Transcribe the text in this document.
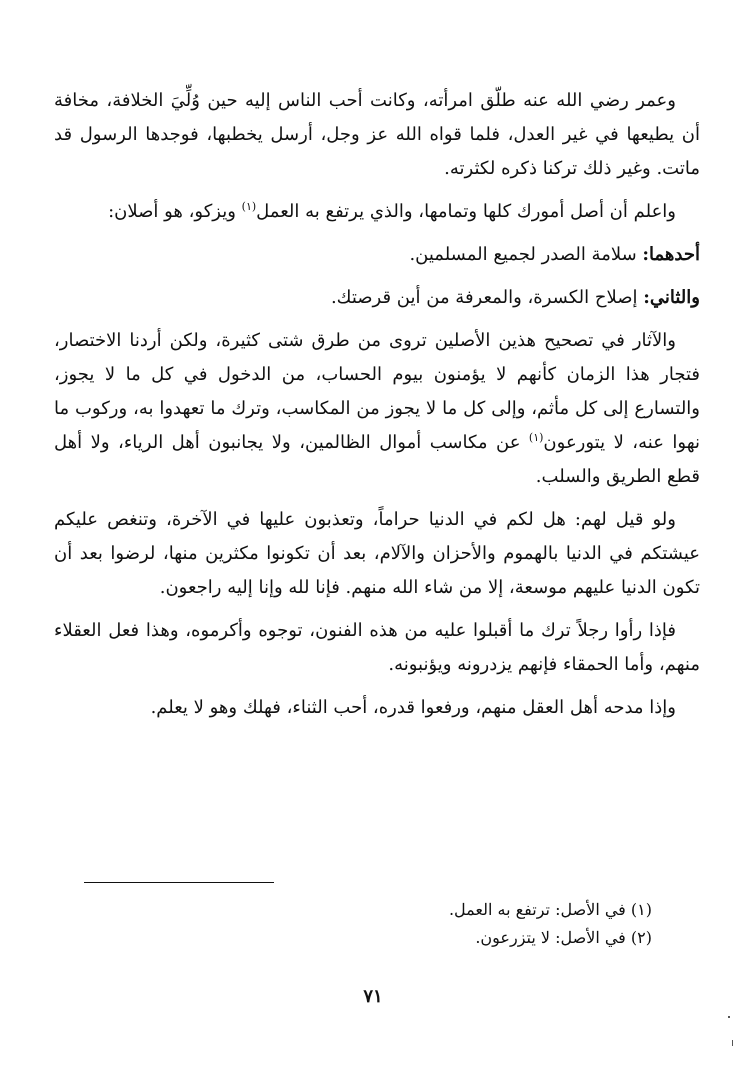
وعمر رضي الله عنه طلّق امرأته، وكانت أحب الناس إليه حين وُلِّيَ الخلافة، مخافة أن يطيعها في غير العدل، فلما قواه الله عز وجل، أرسل يخطبها، فوجدها الرسول قد ماتت. وغير ذلك تركنا ذكره لكثرته.

واعلم أن أصل أمورك كلها وتمامها، والذي يرتفع به العمل$^{(١)}$ ويزكو، هو أصلان:

أحدهما: سلامة الصدر لجميع المسلمين.

والثاني: إصلاح الكسرة، والمعرفة من أين قرصتك.

والآثار في تصحيح هذين الأصلين تروى من طرق شتى كثيرة، ولكن أردنا الاختصار، فتجار هذا الزمان كأنهم لا يؤمنون بيوم الحساب، من الدخول في كل ما لا يجوز، والتسارع إلى كل مأثم، وإلى كل ما لا يجوز من المكاسب، وترك ما تعهدوا به، وركوب ما نهوا عنه، لا يتورعون$^{(١)}$ عن مكاسب أموال الظالمين، ولا يجانبون أهل الرياء، ولا أهل قطع الطريق والسلب.

ولو قيل لهم: هل لكم في الدنيا حراماً، وتعذبون عليها في الآخرة، وتنغص عليكم عيشتكم في الدنيا بالهموم والأحزان والآلام، بعد أن تكونوا مكثرين منها، لرضوا بعد أن تكون الدنيا عليهم موسعة، إلا من شاء الله منهم. فإنا لله وإنا إليه راجعون.

فإذا رأوا رجلاً ترك ما أقبلوا عليه من هذه الفنون، توجوه وأكرموه، وهذا فعل العقلاء منهم، وأما الحمقاء فإنهم يزدرونه ويؤنبونه.

وإذا مدحه أهل العقل منهم، ورفعوا قدره، أحب الثناء، فهلك وهو لا يعلم.

(١) في الأصل: ترتفع به العمل.

(٢) في الأصل: لا يتزرعون.

٧١
